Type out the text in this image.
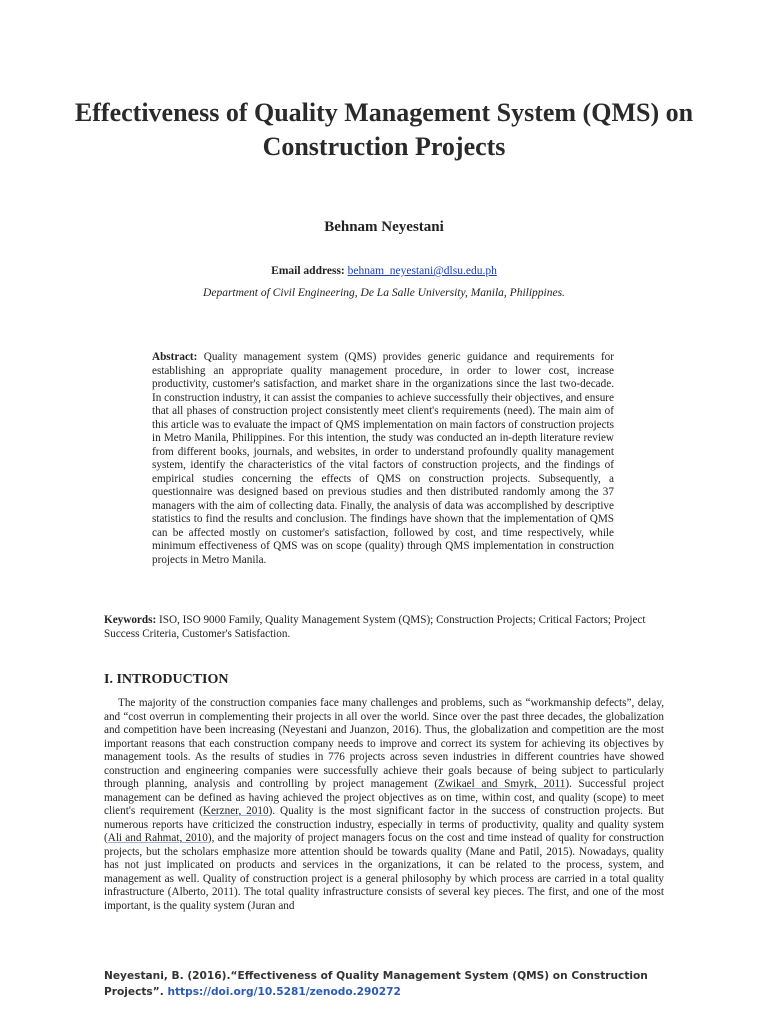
Effectiveness of Quality Management System (QMS) on Construction Projects
Behnam Neyestani
Email address: behnam_neyestani@dlsu.edu.ph
Department of Civil Engineering, De La Salle University, Manila, Philippines.
Abstract: Quality management system (QMS) provides generic guidance and requirements for establishing an appropriate quality management procedure, in order to lower cost, increase productivity, customer's satisfaction, and market share in the organizations since the last two-decade. In construction industry, it can assist the companies to achieve successfully their objectives, and ensure that all phases of construction project consistently meet client's requirements (need). The main aim of this article was to evaluate the impact of QMS implementation on main factors of construction projects in Metro Manila, Philippines. For this intention, the study was conducted an in-depth literature review from different books, journals, and websites, in order to understand profoundly quality management system, identify the characteristics of the vital factors of construction projects, and the findings of empirical studies concerning the effects of QMS on construction projects. Subsequently, a questionnaire was designed based on previous studies and then distributed randomly among the 37 managers with the aim of collecting data. Finally, the analysis of data was accomplished by descriptive statistics to find the results and conclusion. The findings have shown that the implementation of QMS can be affected mostly on customer's satisfaction, followed by cost, and time respectively, while minimum effectiveness of QMS was on scope (quality) through QMS implementation in construction projects in Metro Manila.
Keywords: ISO, ISO 9000 Family, Quality Management System (QMS); Construction Projects; Critical Factors; Project Success Criteria, Customer's Satisfaction.
I. INTRODUCTION

The majority of the construction companies face many challenges and problems, such as “workmanship defects”, delay, and “cost overrun in complementing their projects in all over the world. Since over the past three decades, the globalization and competition have been increasing (Neyestani and Juanzon, 2016). Thus, the globalization and competition are the most important reasons that each construction company needs to improve and correct its system for achieving its objectives by management tools. As the results of studies in 776 projects across seven industries in different countries have showed construction and engineering companies were successfully achieve their goals because of being subject to particularly through planning, analysis and controlling by project management (Zwikael and Smyrk, 2011). Successful project management can be defined as having achieved the project objectives as on time, within cost, and quality (scope) to meet client's requirement (Kerzner, 2010). Quality is the most significant factor in the success of construction projects. But numerous reports have criticized the construction industry, especially in terms of productivity, quality and quality system (Ali and Rahmat, 2010), and the majority of project managers focus on the cost and time instead of quality for construction projects, but the scholars emphasize more attention should be towards quality (Mane and Patil, 2015). Nowadays, quality has not just implicated on products and services in the organizations, it can be related to the process, system, and management as well. Quality of construction project is a general philosophy by which process are carried in a total quality infrastructure (Alberto, 2011). The total quality infrastructure consists of several key pieces. The first, and one of the most important, is the quality system (Juran and

Neyestani, B. (2016).“Effectiveness of Quality Management System (QMS) on Construction Projects”. https://doi.org/10.5281/zenodo.290272
